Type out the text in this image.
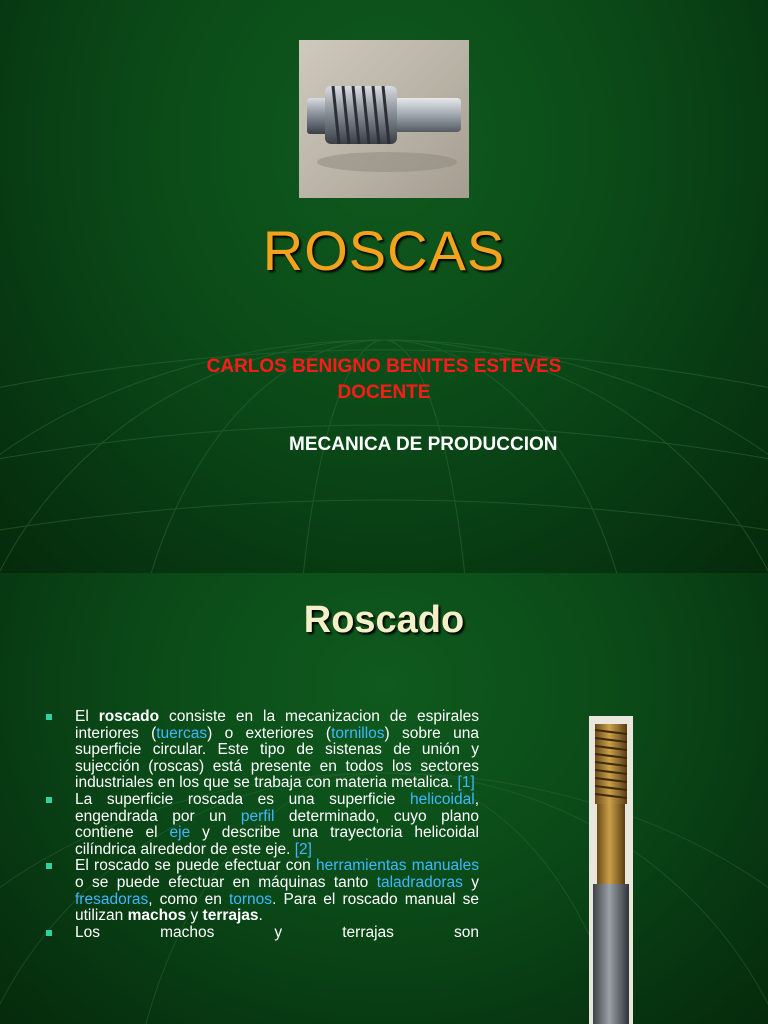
ROSCAS
CARLOS BENIGNO BENITES ESTEVES
DOCENTE
MECANICA DE PRODUCCION
Roscado
El roscado consiste en la mecanizacion de espirales interiores (tuercas) o exteriores (tornillos) sobre una superficie circular. Este tipo de sistenas de unión y sujección (roscas) está presente en todos los sectores industriales en los que se trabaja con materia metalica. [1]
La superficie roscada es una superficie helicoidal, engendrada por un perfil determinado, cuyo plano contiene el eje y describe una trayectoria helicoidal cilíndrica alrededor de este eje. [2]
El roscado se puede efectuar con herramientas manuales o se puede efectuar en máquinas tanto taladradoras y fresadoras, como en tornos. Para el roscado manual se utilizan machos y terrajas.
Los machos y terrajas son
